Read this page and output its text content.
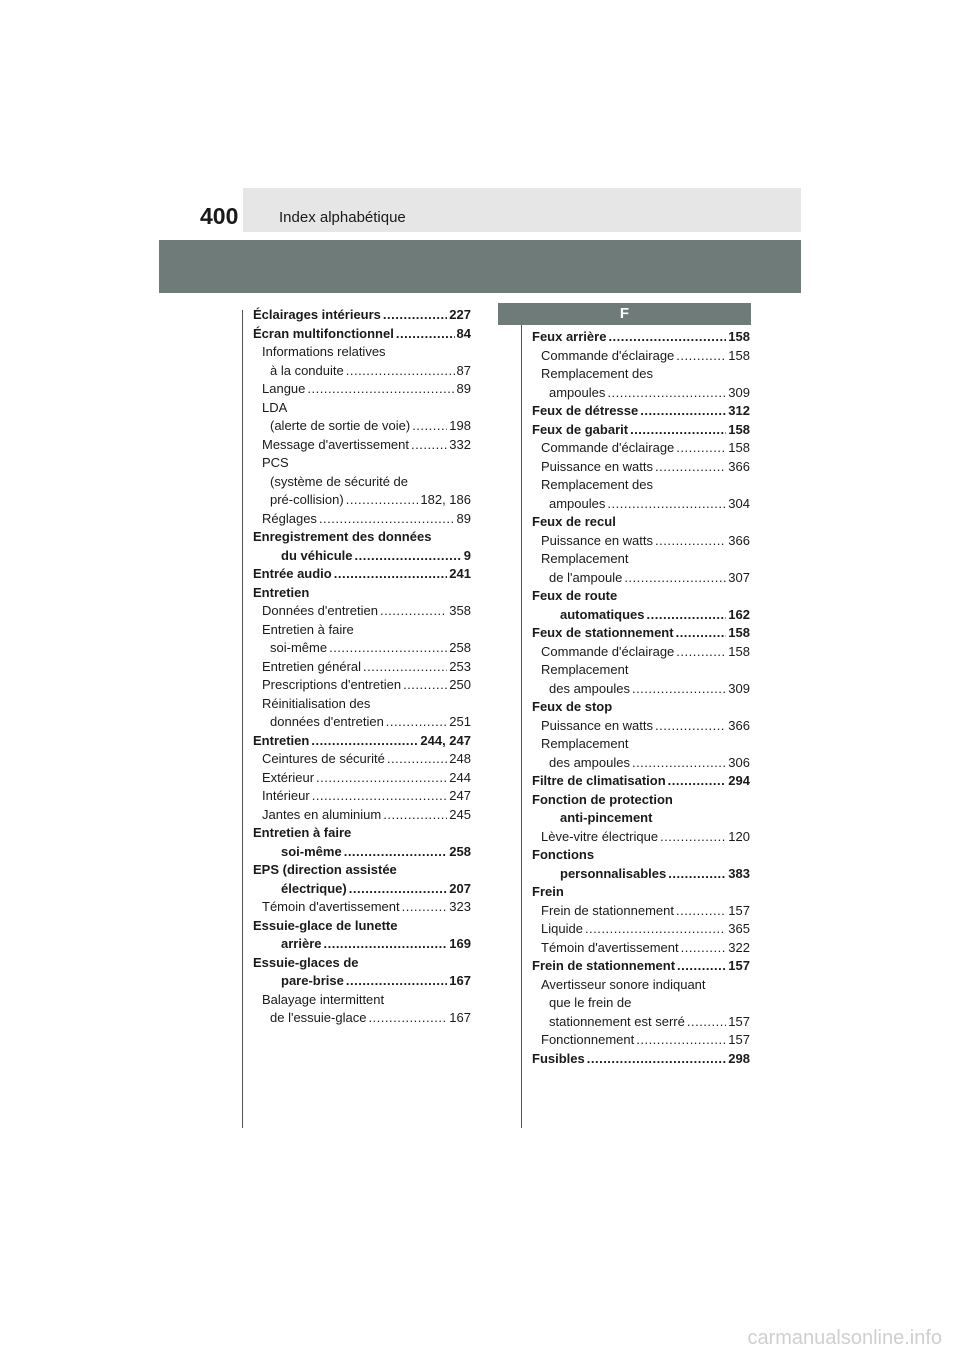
400	Index alphabétique
F
Éclairages intérieurs .....	227
Écran multifonctionnel .....	84
Informations relatives
à la conduite .....	87
Langue .....	89
LDA
(alerte de sortie de voie) .....	198
Message d'avertissement .....	332
PCS
(système de sécurité de
pré-collision) .....	182, 186
Réglages .....	89
Enregistrement des données
du véhicule .....	9
Entrée audio .....	241
Entretien
Données d'entretien .....	358
Entretien à faire
soi-même .....	258
Entretien général .....	253
Prescriptions d'entretien .....	250
Réinitialisation des
données d'entretien .....	251
Entretien .....	244, 247
Ceintures de sécurité .....	248
Extérieur .....	244
Intérieur .....	247
Jantes en aluminium .....	245
Entretien à faire
soi-même .....	258
EPS (direction assistée
électrique) .....	207
Témoin d'avertissement .....	323
Essuie-glace de lunette
arrière .....	169
Essuie-glaces de
pare-brise .....	167
Balayage intermittent
de l'essuie-glace .....	167
Feux arrière .....	158
Commande d'éclairage .....	158
Remplacement des
ampoules .....	309
Feux de détresse .....	312
Feux de gabarit .....	158
Commande d'éclairage .....	158
Puissance en watts .....	366
Remplacement des
ampoules .....	304
Feux de recul
Puissance en watts .....	366
Remplacement
de l'ampoule .....	307
Feux de route
automatiques .....	162
Feux de stationnement .....	158
Commande d'éclairage .....	158
Remplacement
des ampoules .....	309
Feux de stop
Puissance en watts .....	366
Remplacement
des ampoules .....	306
Filtre de climatisation .....	294
Fonction de protection
anti-pincement
Lève-vitre électrique .....	120
Fonctions
personnalisables .....	383
Frein
Frein de stationnement .....	157
Liquide .....	365
Témoin d'avertissement .....	322
Frein de stationnement .....	157
Avertisseur sonore indiquant
que le frein de
stationnement est serré .....	157
Fonctionnement .....	157
Fusibles .....	298
carmanualsonline.info
